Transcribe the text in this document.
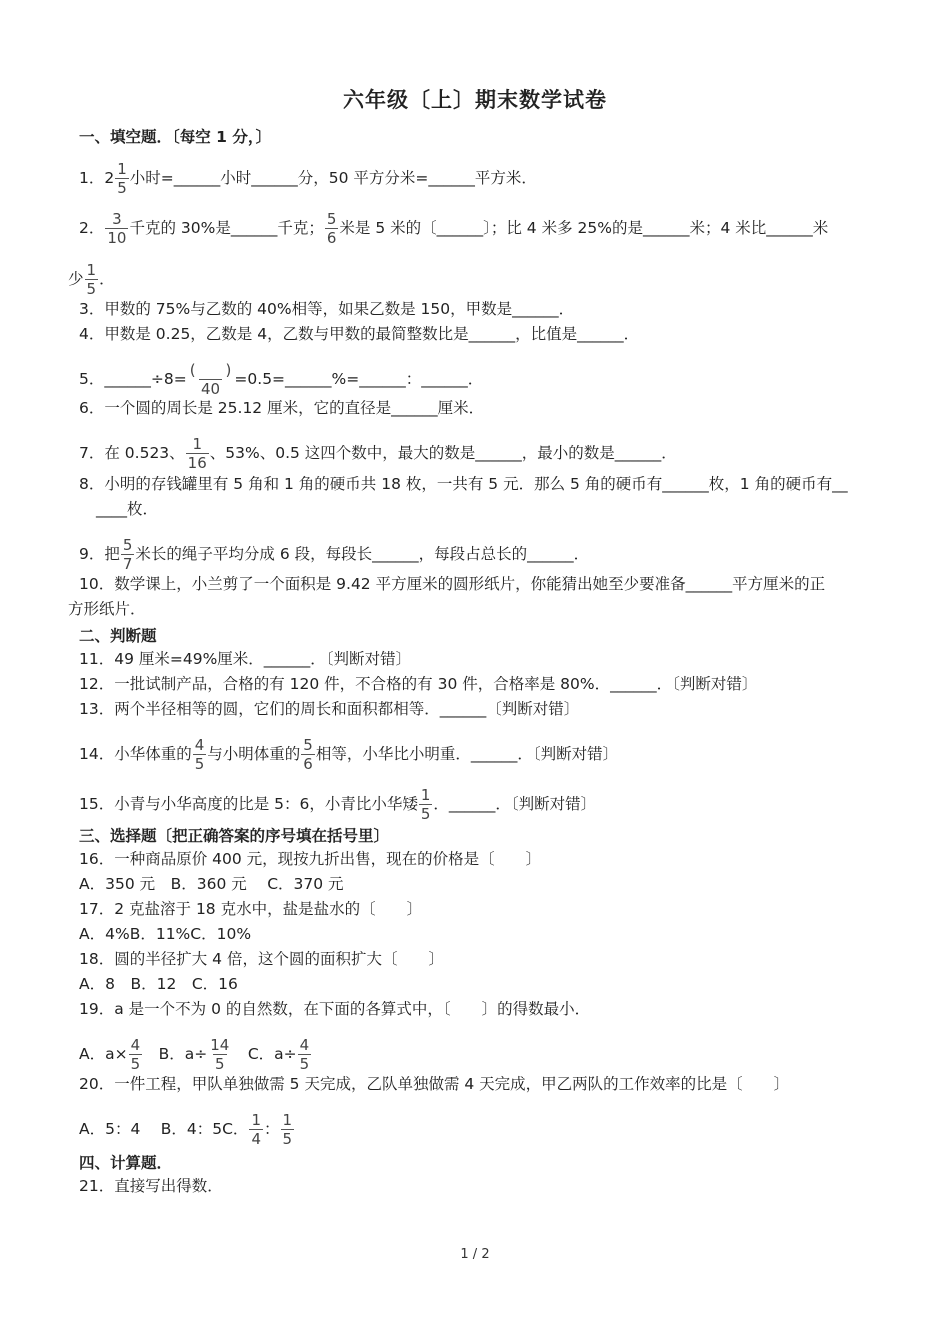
六年级〔上〕期末数学试卷
一、填空题．〔每空 1 分，〕
1．$2 \frac{1}{5}$ 小时=______小时______分，50 平方分米=______平方米．
2． $\frac{3}{10}$ 千克的 30%是______千克； $\frac{5}{6}$ 米是 5 米的〔______〕；比 4 米多 25%的是______米；4 米比______米
少 $\frac{1}{5}$ ．
3．甲数的 75%与乙数的 40%相等，如果乙数是 150，甲数是______．
4．甲数是 0.25，乙数是 4，乙数与甲数的最简整数比是______，比值是______．
5．______÷8= $\frac{( )}{40}$ =0.5=______%=______：______．
6．一个圆的周长是 25.12 厘米，它的直径是______厘米．
7．在 0.523、 $\frac{1}{16}$ 、53%、0.5 这四个数中，最大的数是______，最小的数是______．
8．小明的存钱罐里有 5 角和 1 角的硬币共 18 枚，一共有 5 元．那么 5 角的硬币有______枚，1 角的硬币有__
____枚．
9．把 $\frac{5}{7}$ 米长的绳子平均分成 6 段，每段长______，每段占总长的______．
10．数学课上，小兰剪了一个面积是 9.42 平方厘米的圆形纸片，你能猜出她至少要准备______平方厘米的正
方形纸片．
二、判断题
11．49 厘米=49%厘米．______．〔判断对错〕
12．一批试制产品，合格的有 120 件，不合格的有 30 件，合格率是 80%．______．〔判断对错〕
13．两个半径相等的圆，它们的周长和面积都相等．______〔判断对错〕
14．小华体重的 $\frac{4}{5}$ 与小明体重的 $\frac{5}{6}$ 相等，小华比小明重．______．〔判断对错〕
15．小青与小华高度的比是 5：6，小青比小华矮 $\frac{1}{5}$ ．______．〔判断对错〕
三、选择题〔把正确答案的序号填在括号里〕
16．一种商品原价 400 元，现按九折出售，现在的价格是〔　　〕
A．350 元　B．360 元　 C．370 元
17．2 克盐溶于 18 克水中，盐是盐水的〔　　〕
A．4%B．11%C．10%
18．圆的半径扩大 4 倍，这个圆的面积扩大〔　　〕
A．8　B．12　C．16
19．a 是一个不为 0 的自然数，在下面的各算式中，〔　　〕的得数最小．
A．$a\times \frac{4}{5}$ 　B．$a\div \frac{14}{5}$ 　C．$a\div \frac{4}{5}$
20．一件工程，甲队单独做需 5 天完成，乙队单独做需 4 天完成，甲乙两队的工作效率的比是〔　　〕
A．5：4　 B．4：5C． $\frac{1}{4}$ ： $\frac{1}{5}$
四、计算题．
21．直接写出得数．
1 / 2
